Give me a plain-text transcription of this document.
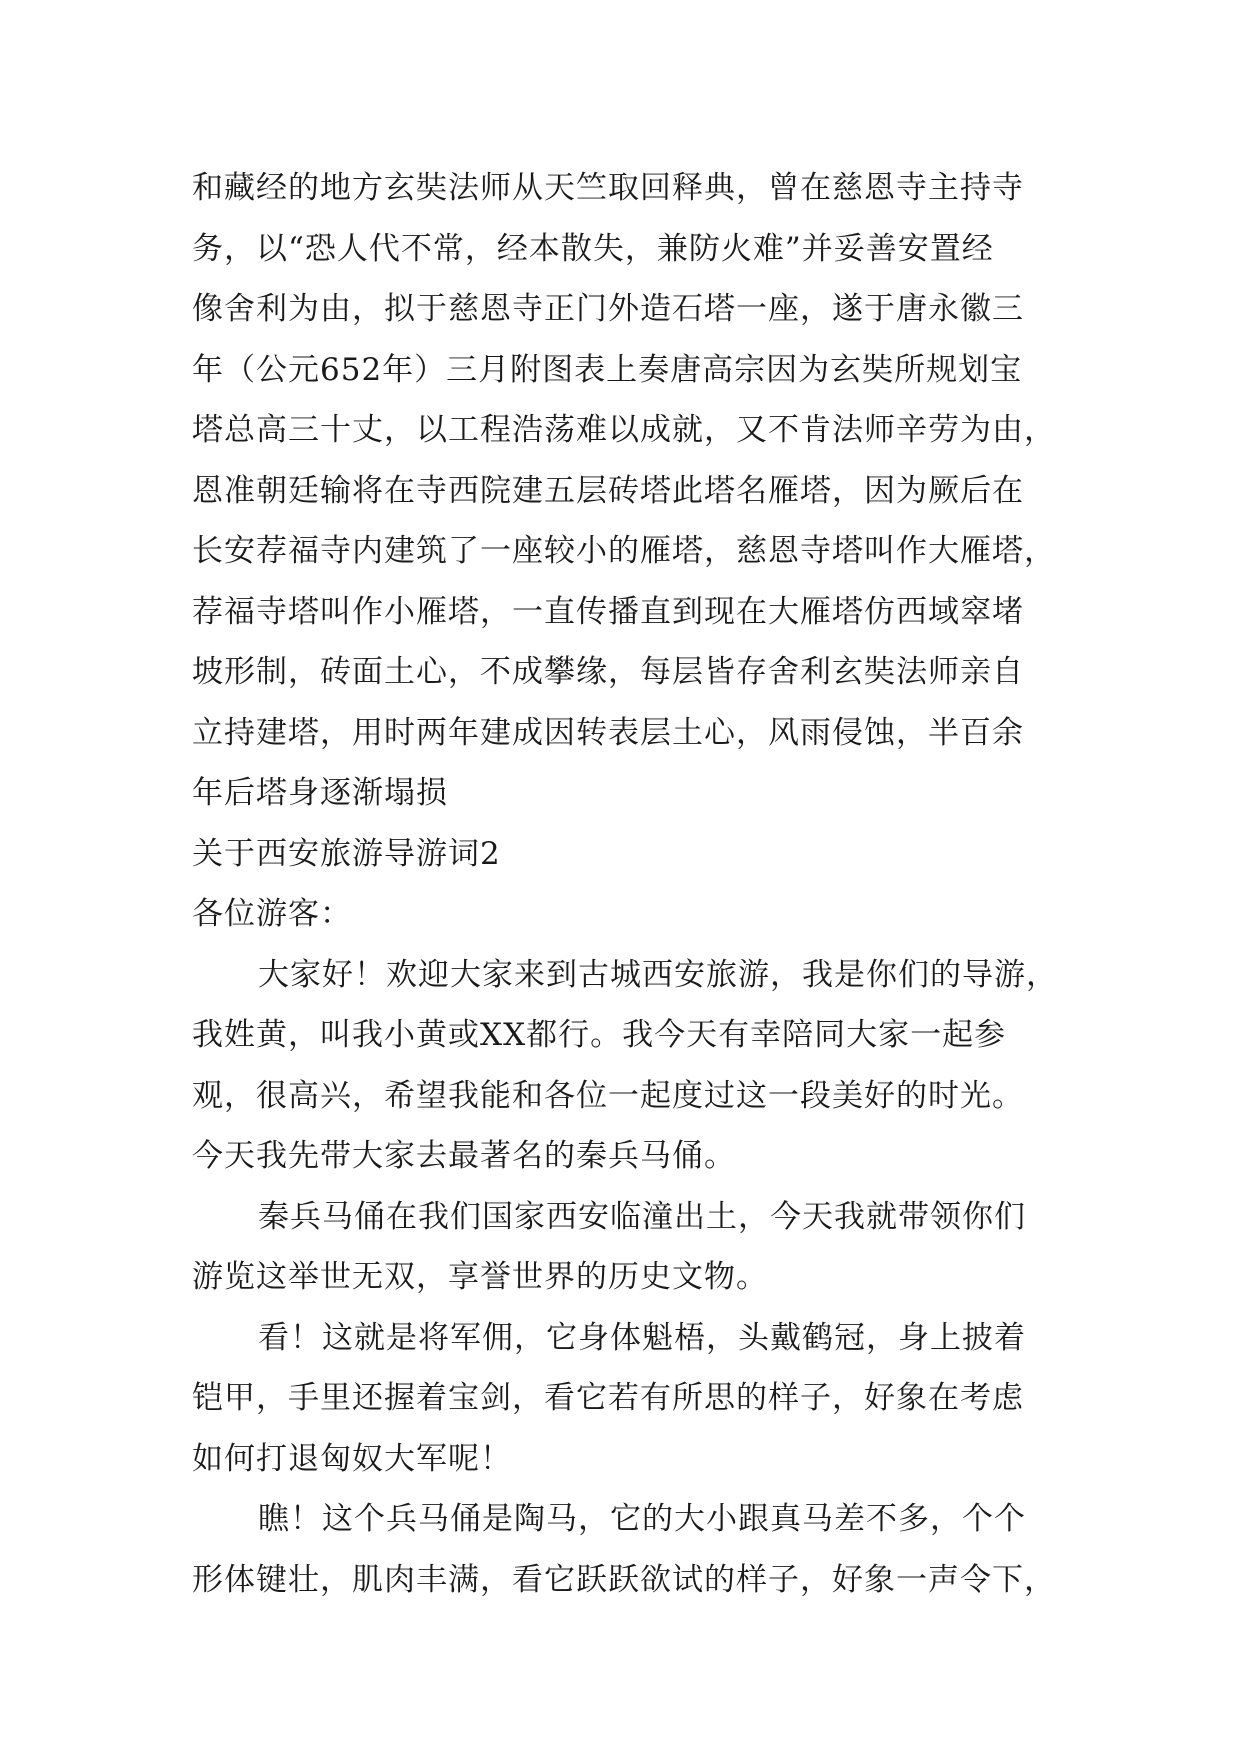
和藏经的地方玄奘法师从天竺取回释典，曾在慈恩寺主持寺
务，以“恐人代不常，经本散失，兼防火难”并妥善安置经
像舍利为由，拟于慈恩寺正门外造石塔一座，遂于唐永徽三
年（公元652年）三月附图表上奏唐高宗因为玄奘所规划宝
塔总高三十丈，以工程浩荡难以成就，又不肯法师辛劳为由，
恩准朝廷输将在寺西院建五层砖塔此塔名雁塔，因为厥后在
长安荐福寺内建筑了一座较小的雁塔，慈恩寺塔叫作大雁塔，
荐福寺塔叫作小雁塔，一直传播直到现在大雁塔仿西域窣堵
坡形制，砖面土心，不成攀缘，每层皆存舍利玄奘法师亲自
立持建塔，用时两年建成因转表层土心，风雨侵蚀，半百余
年后塔身逐渐塌损
关于西安旅游导游词2
各位游客：
大家好！欢迎大家来到古城西安旅游，我是你们的导游，
我姓黄，叫我小黄或XX都行。我今天有幸陪同大家一起参
观，很高兴，希望我能和各位一起度过这一段美好的时光。
今天我先带大家去最著名的秦兵马俑。
秦兵马俑在我们国家西安临潼出土，今天我就带领你们
游览这举世无双，享誉世界的历史文物。
看！这就是将军佣，它身体魁梧，头戴鹤冠，身上披着
铠甲，手里还握着宝剑，看它若有所思的样子，好象在考虑
如何打退匈奴大军呢！
瞧！这个兵马俑是陶马，它的大小跟真马差不多，个个
形体键壮，肌肉丰满，看它跃跃欲试的样子，好象一声令下，
